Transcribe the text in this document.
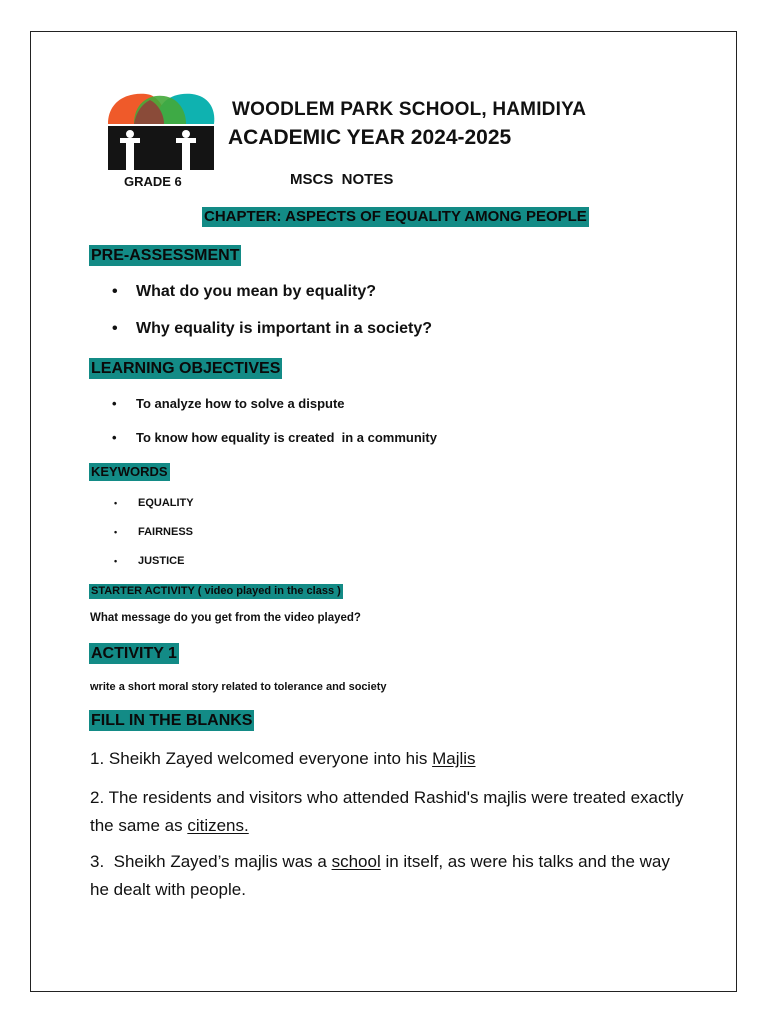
WOODLEM PARK SCHOOL, HAMIDIYA
ACADEMIC YEAR 2024-2025
GRADE 6	MSCS  NOTES
CHAPTER: ASPECTS OF EQUALITY AMONG PEOPLE
PRE-ASSESSMENT
• What do you mean by equality?
• Why equality is important in a society?
LEARNING OBJECTIVES
• To analyze how to solve a dispute
• To know how equality is created  in a community
KEYWORDS
• EQUALITY
• FAIRNESS
• JUSTICE
STARTER ACTIVITY ( video played in the class )
What message do you get from the video played?
ACTIVITY 1
write a short moral story related to tolerance and society
FILL IN THE BLANKS
1. Sheikh Zayed welcomed everyone into his Majlis
2. The residents and visitors who attended Rashid's majlis were treated exactly the same as citizens.
3.  Sheikh Zayed’s majlis was a school in itself, as were his talks and the way he dealt with people.
